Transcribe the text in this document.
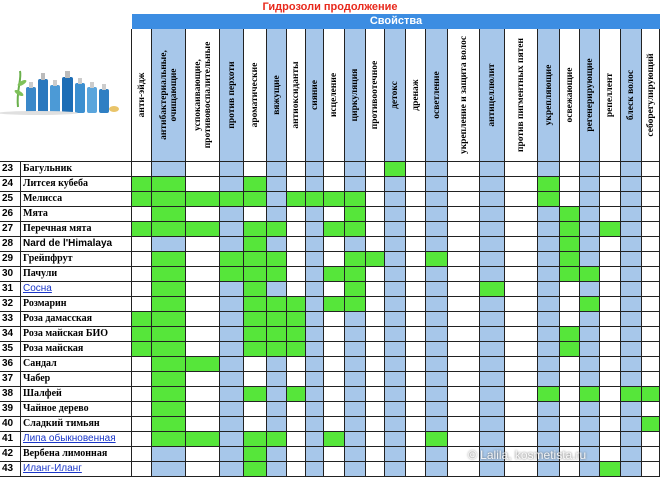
Гидрозоли продолжение
Свойства
анти-эйдж антибактериальные, очищающие успокаивающие, противовоспалительные против перхоти ароматические вяжущие антиоксиданты сияние исцеление циркуляция противоотечное детокс дренаж осветление укрепление и защита волос антицеллюлит против пигментных пятен укрепляющие освежающие регенерирующие репеллент блеск волос себорегулирующий
23 Багульник
24 Литсея кубеба
25 Мелисса
26 Мята
27 Перечная мята
28 Nard de l'Himalaya
29 Грейпфрут
30 Пачули
31 Сосна
32 Розмарин
33 Роза дамасская
34 Роза майская БИО
35 Роза майская
36 Сандал
37 Чабер
38 Шалфей
39 Чайное дерево
40 Сладкий тимьян
41 Липа обыкновенная
42 Вербена лимонная
43 Иланг-Иланг
© Lalila, kosmetista.ru
